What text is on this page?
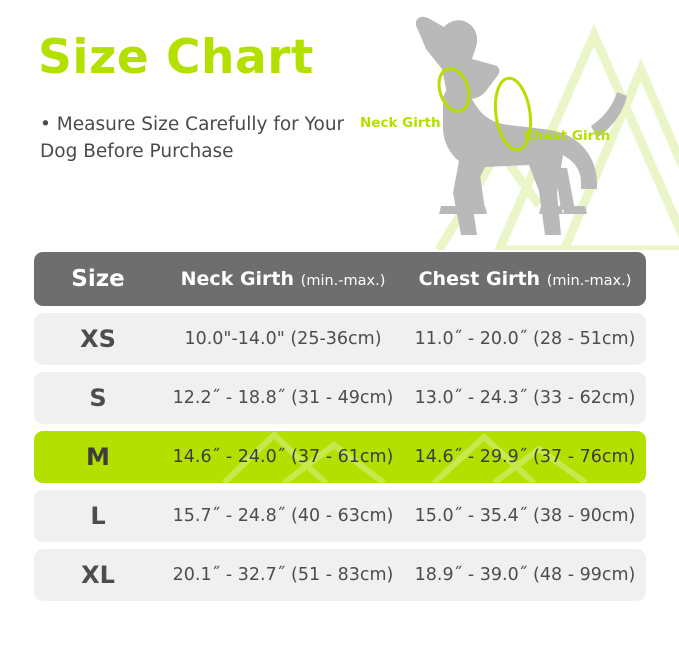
Size Chart
• Measure Size Carefully for Your Dog Before Purchase
Neck Girth
Chest Girth
Size	Neck Girth (min.-max.)	Chest Girth (min.-max.)
XS	10.0"-14.0" (25-36cm)	11.0˝ - 20.0˝ (28 - 51cm)
S	12.2˝ - 18.8˝ (31 - 49cm)	13.0˝ - 24.3˝ (33 - 62cm)
M	14.6˝ - 24.0˝ (37 - 61cm)	14.6˝ - 29.9˝ (37 - 76cm)
L	15.7˝ - 24.8˝ (40 - 63cm)	15.0˝ - 35.4˝ (38 - 90cm)
XL	20.1˝ - 32.7˝ (51 - 83cm)	18.9˝ - 39.0˝ (48 - 99cm)
